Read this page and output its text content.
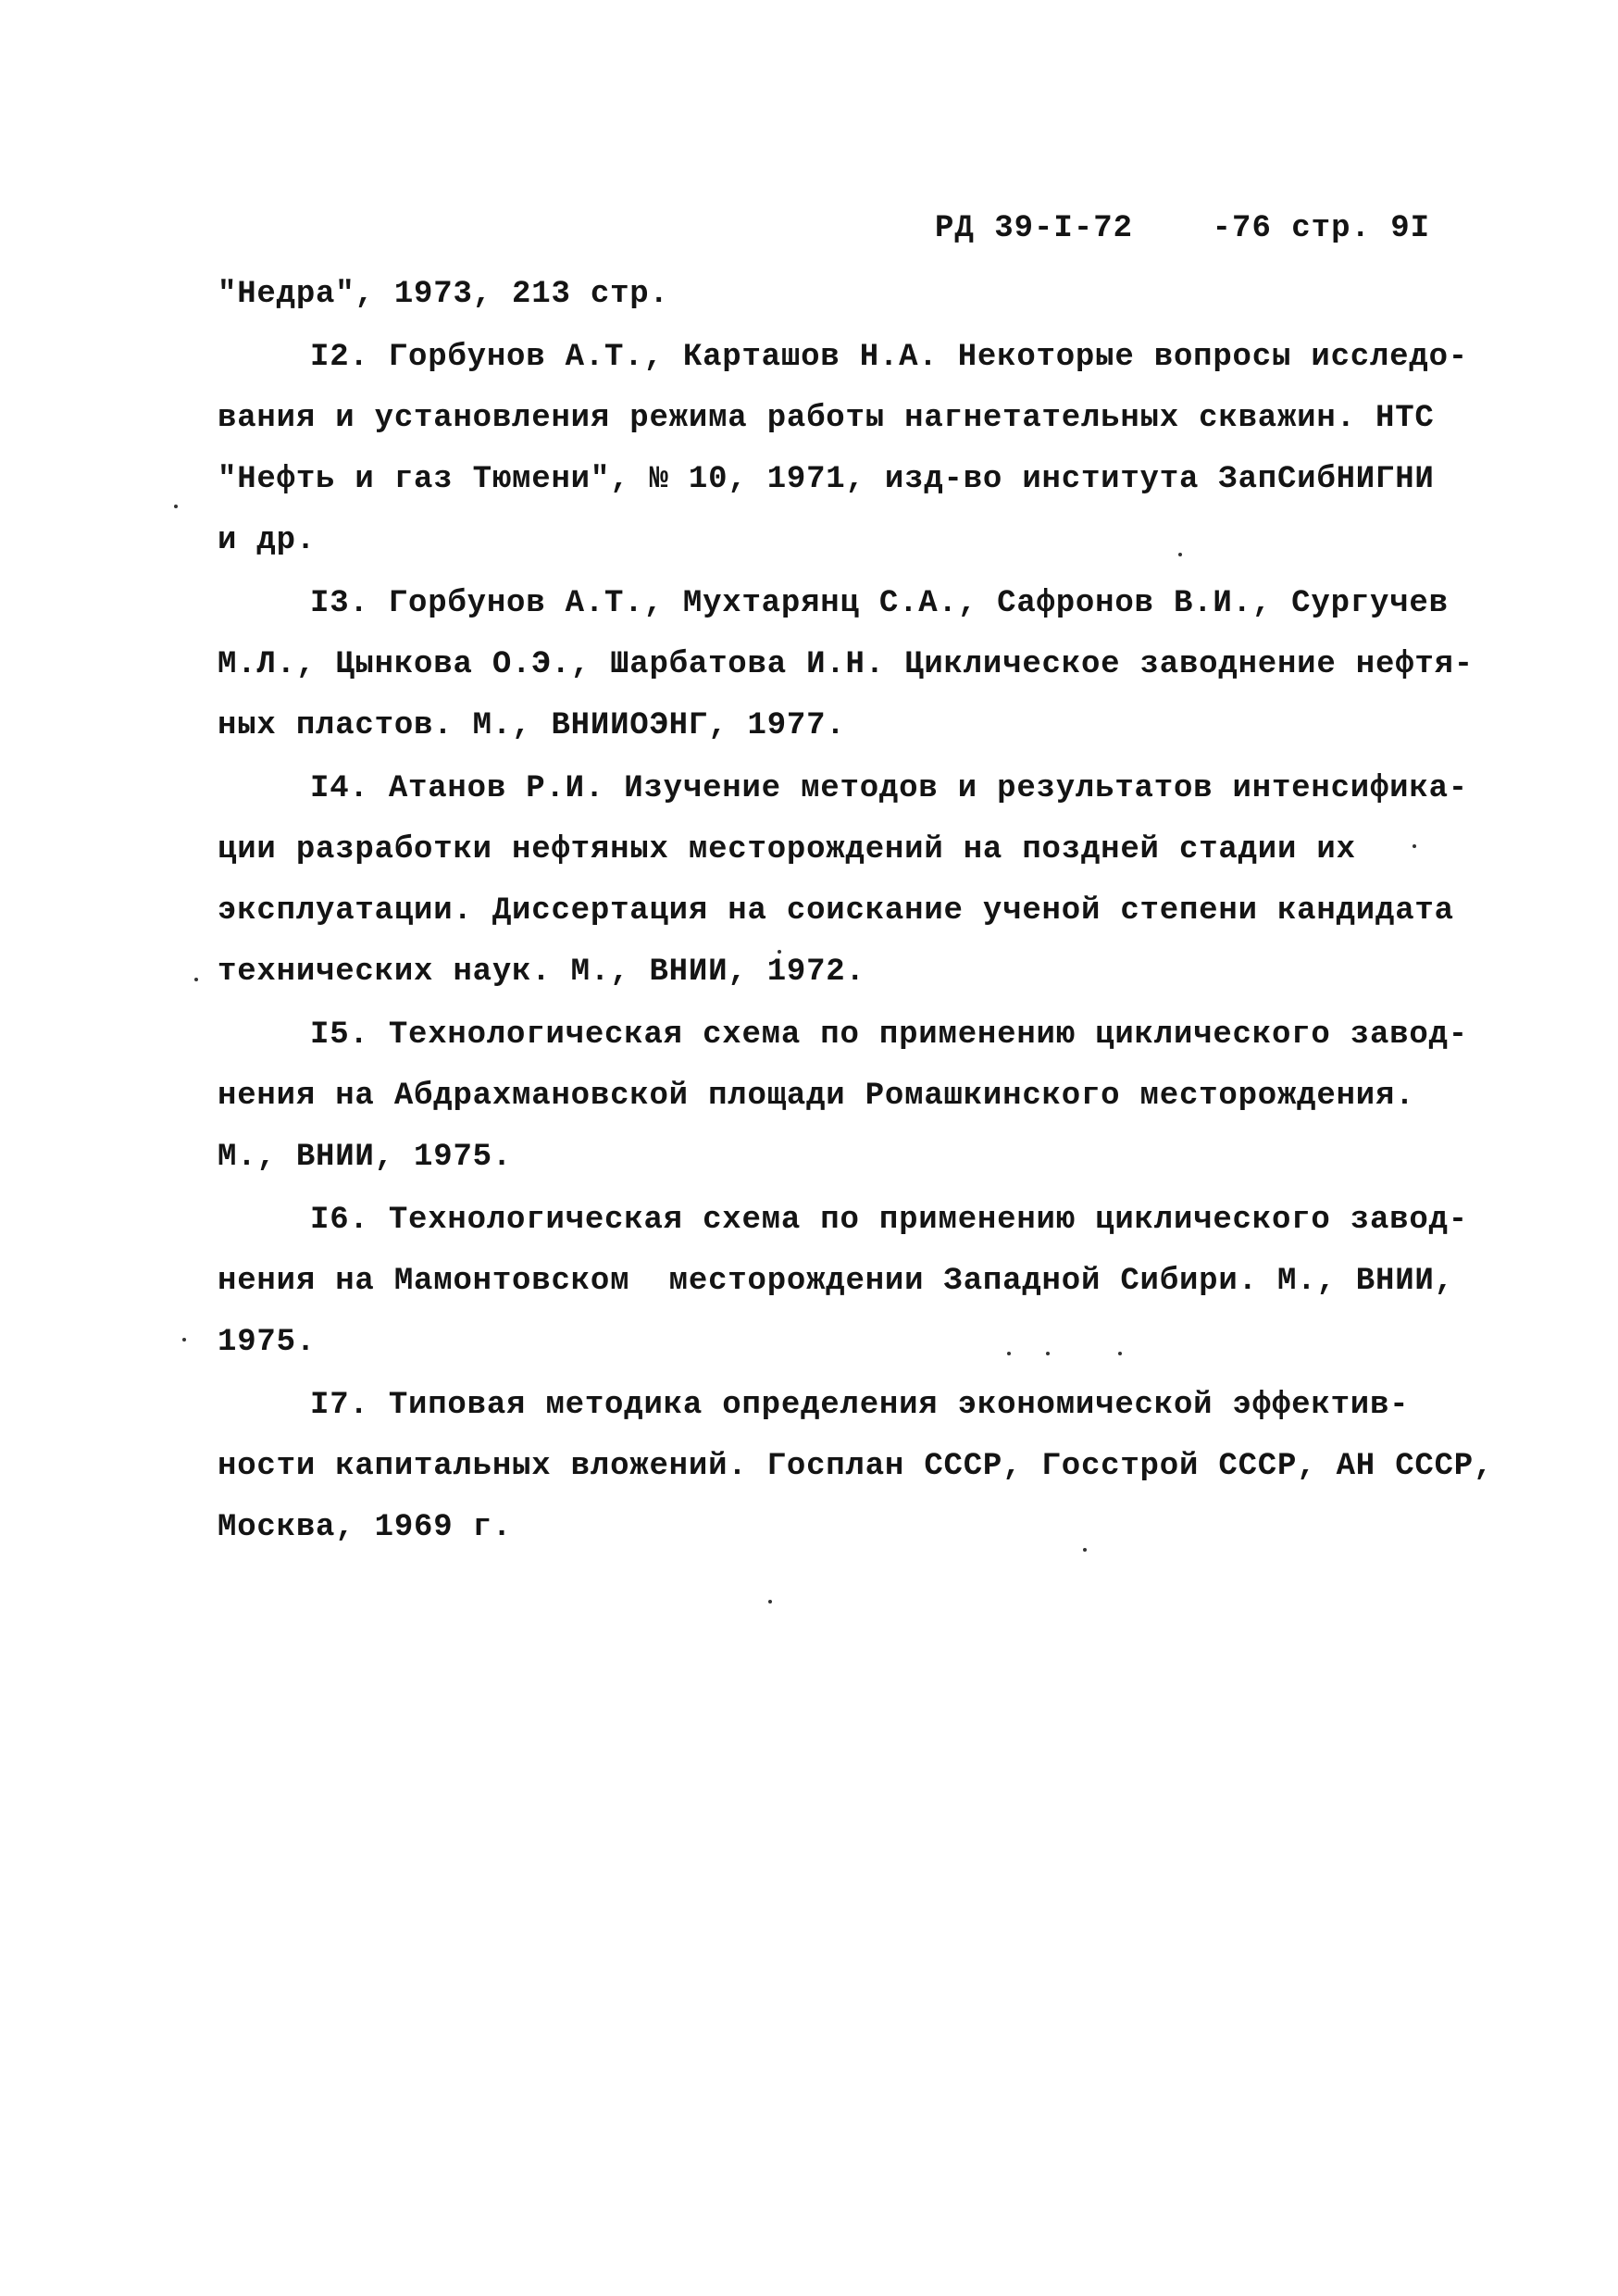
РД 39-I-72    -76 стр. 9I
"Недра", 1973, 213 стр.
I2. Горбунов А.Т., Карташов Н.А. Некоторые вопросы исследо-
вания и установления режима работы нагнетательных скважин. НТС
"Нефть и газ Тюмени", № 10, 1971, изд-во института ЗапСибНИГНИ
и др.
I3. Горбунов А.Т., Мухтарянц С.А., Сафронов В.И., Сургучев
М.Л., Цынкова О.Э., Шарбатова И.Н. Циклическое заводнение нефтя-
ных пластов. М., ВНИИОЭНГ, 1977.
I4. Атанов Р.И. Изучение методов и результатов интенсифика-
ции разработки нефтяных месторождений на поздней стадии их
эксплуатации. Диссертация на соискание ученой степени кандидата
технических наук. М., ВНИИ, 1972.
I5. Технологическая схема по применению циклического завод-
нения на Абдрахмановской площади Ромашкинского месторождения.
М., ВНИИ, 1975.
I6. Технологическая схема по применению циклического завод-
нения на Мамонтовском  месторождении Западной Сибири. М., ВНИИ,
1975.
I7. Типовая методика определения экономической эффектив-
ности капитальных вложений. Госплан СССР, Госстрой СССР, АН СССР,
Москва, 1969 г.
